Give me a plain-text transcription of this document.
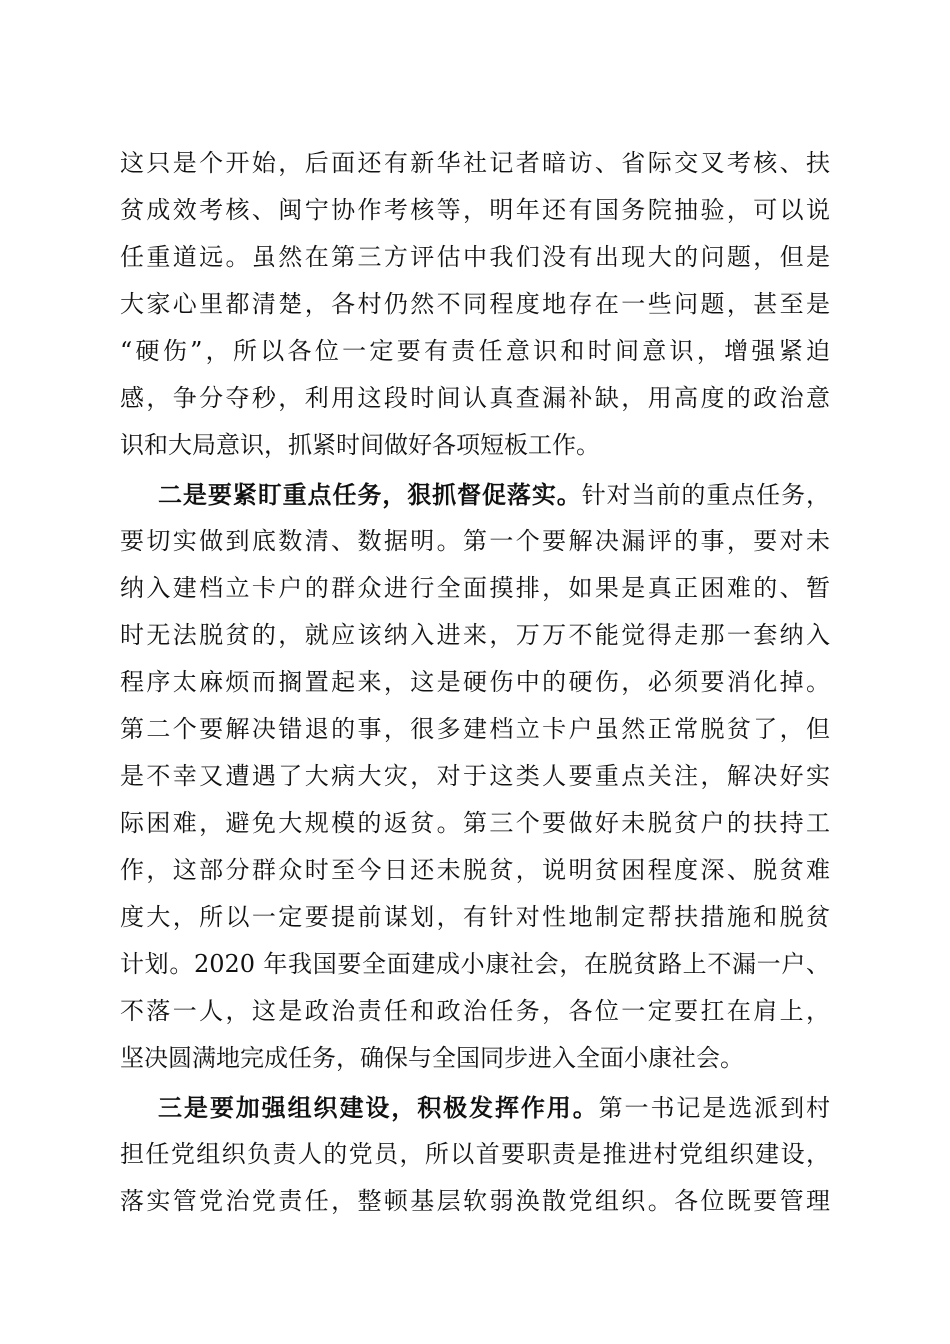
这只是个开始，后面还有新华社记者暗访、省际交叉考核、扶
贫成效考核、闽宁协作考核等，明年还有国务院抽验，可以说
任重道远。虽然在第三方评估中我们没有出现大的问题，但是
大家心里都清楚，各村仍然不同程度地存在一些问题，甚至是
“硬伤”，所以各位一定要有责任意识和时间意识，增强紧迫
感，争分夺秒，利用这段时间认真查漏补缺，用高度的政治意
识和大局意识，抓紧时间做好各项短板工作。
二是要紧盯重点任务，狠抓督促落实。针对当前的重点任务，
要切实做到底数清、数据明。第一个要解决漏评的事，要对未
纳入建档立卡户的群众进行全面摸排，如果是真正困难的、暂
时无法脱贫的，就应该纳入进来，万万不能觉得走那一套纳入
程序太麻烦而搁置起来，这是硬伤中的硬伤，必须要消化掉。
第二个要解决错退的事，很多建档立卡户虽然正常脱贫了，但
是不幸又遭遇了大病大灾，对于这类人要重点关注，解决好实
际困难，避免大规模的返贫。第三个要做好未脱贫户的扶持工
作，这部分群众时至今日还未脱贫，说明贫困程度深、脱贫难
度大，所以一定要提前谋划，有针对性地制定帮扶措施和脱贫
计划。2020 年我国要全面建成小康社会，在脱贫路上不漏一户、
不落一人，这是政治责任和政治任务，各位一定要扛在肩上，
坚决圆满地完成任务，确保与全国同步进入全面小康社会。
三是要加强组织建设，积极发挥作用。第一书记是选派到村
担任党组织负责人的党员，所以首要职责是推进村党组织建设，
落实管党治党责任，整顿基层软弱涣散党组织。各位既要管理
